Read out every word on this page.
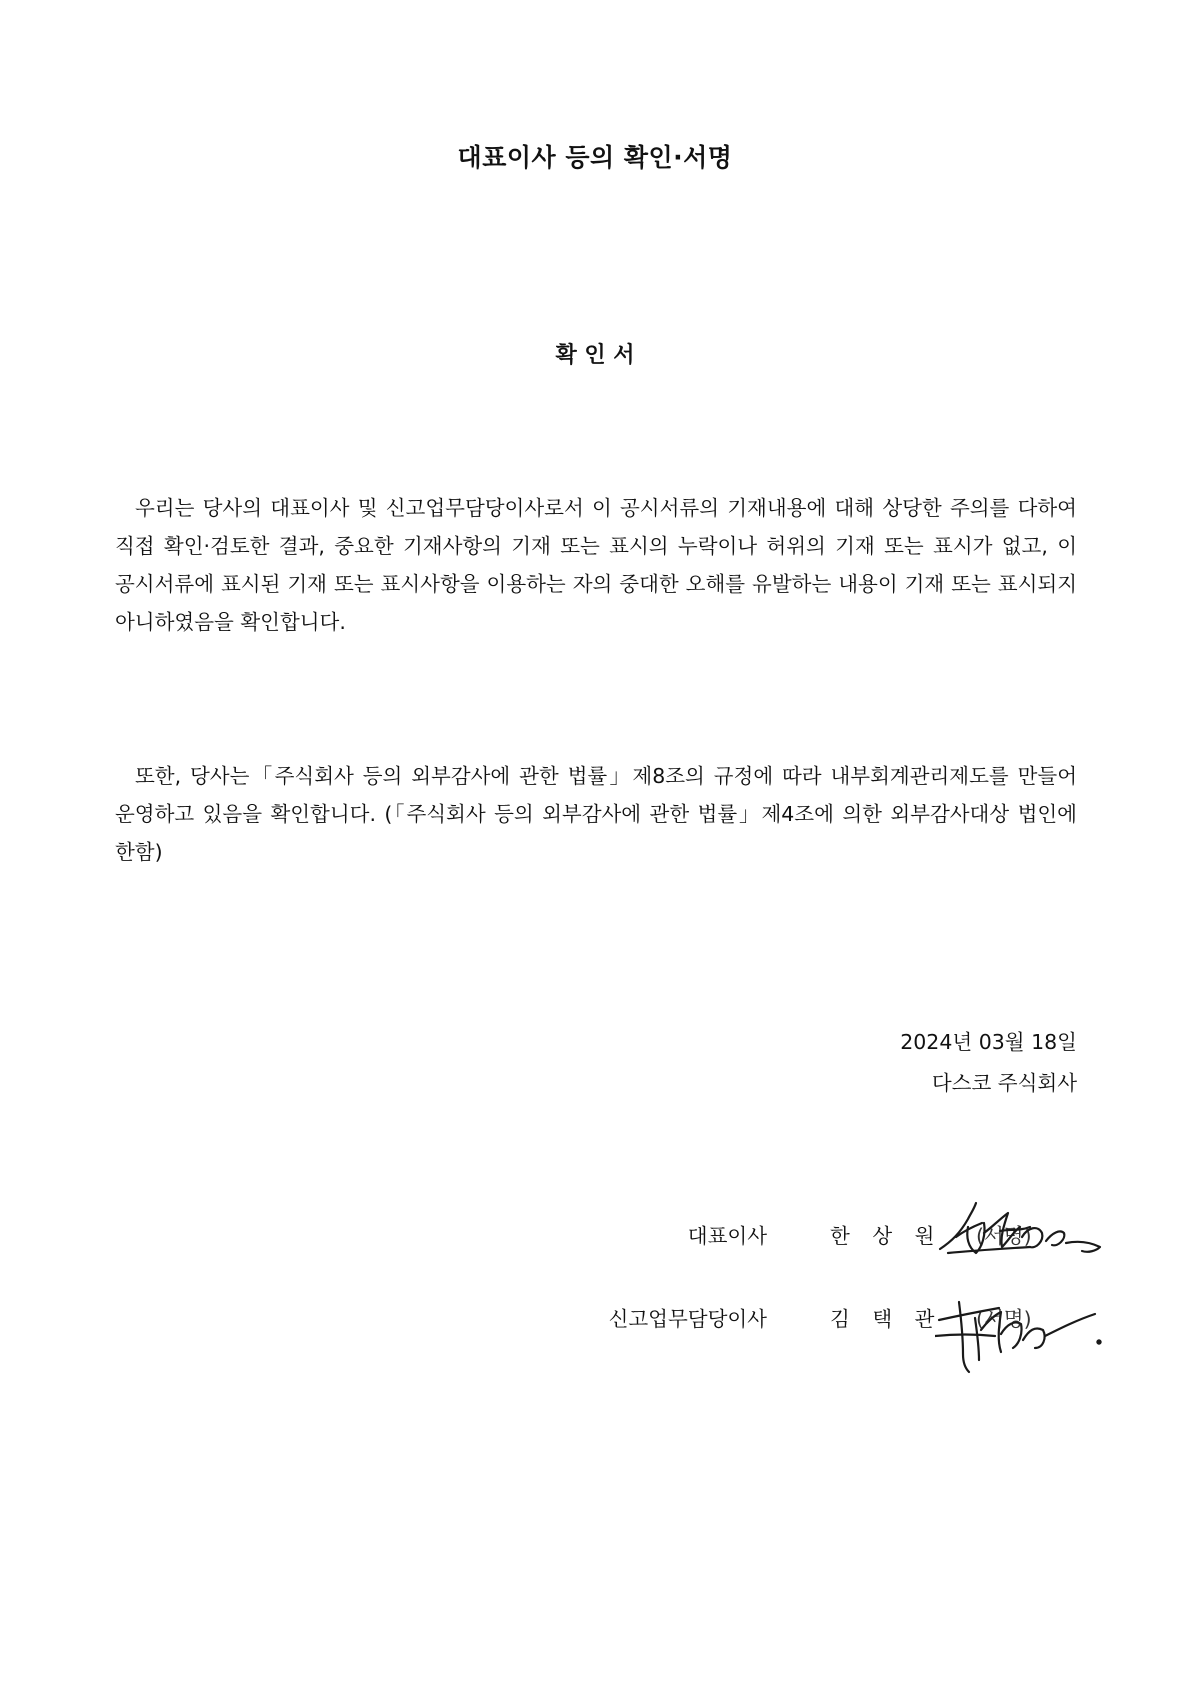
대표이사 등의 확인·서명
확 인 서

우리는 당사의 대표이사 및 신고업무담당이사로서 이 공시서류의 기재내용에 대해 상당한 주의를 다하여 직접 확인·검토한 결과, 중요한 기재사항의 기재 또는 표시의 누락이나 허위의 기재 또는 표시가 없고, 이 공시서류에 표시된 기재 또는 표시사항을 이용하는 자의 중대한 오해를 유발하는 내용이 기재 또는 표시되지 아니하였음을 확인합니다.

또한, 당사는「주식회사 등의 외부감사에 관한 법률」제8조의 규정에 따라 내부회계관리제도를 만들어 운영하고 있음을 확인합니다. (「주식회사 등의 외부감사에 관한 법률」제4조에 의한 외부감사대상 법인에 한함)

2024년 03월 18일
다스코 주식회사
대표이사	한 상 원 (서명)
신고업무담당이사	김 택 관 (서명)
